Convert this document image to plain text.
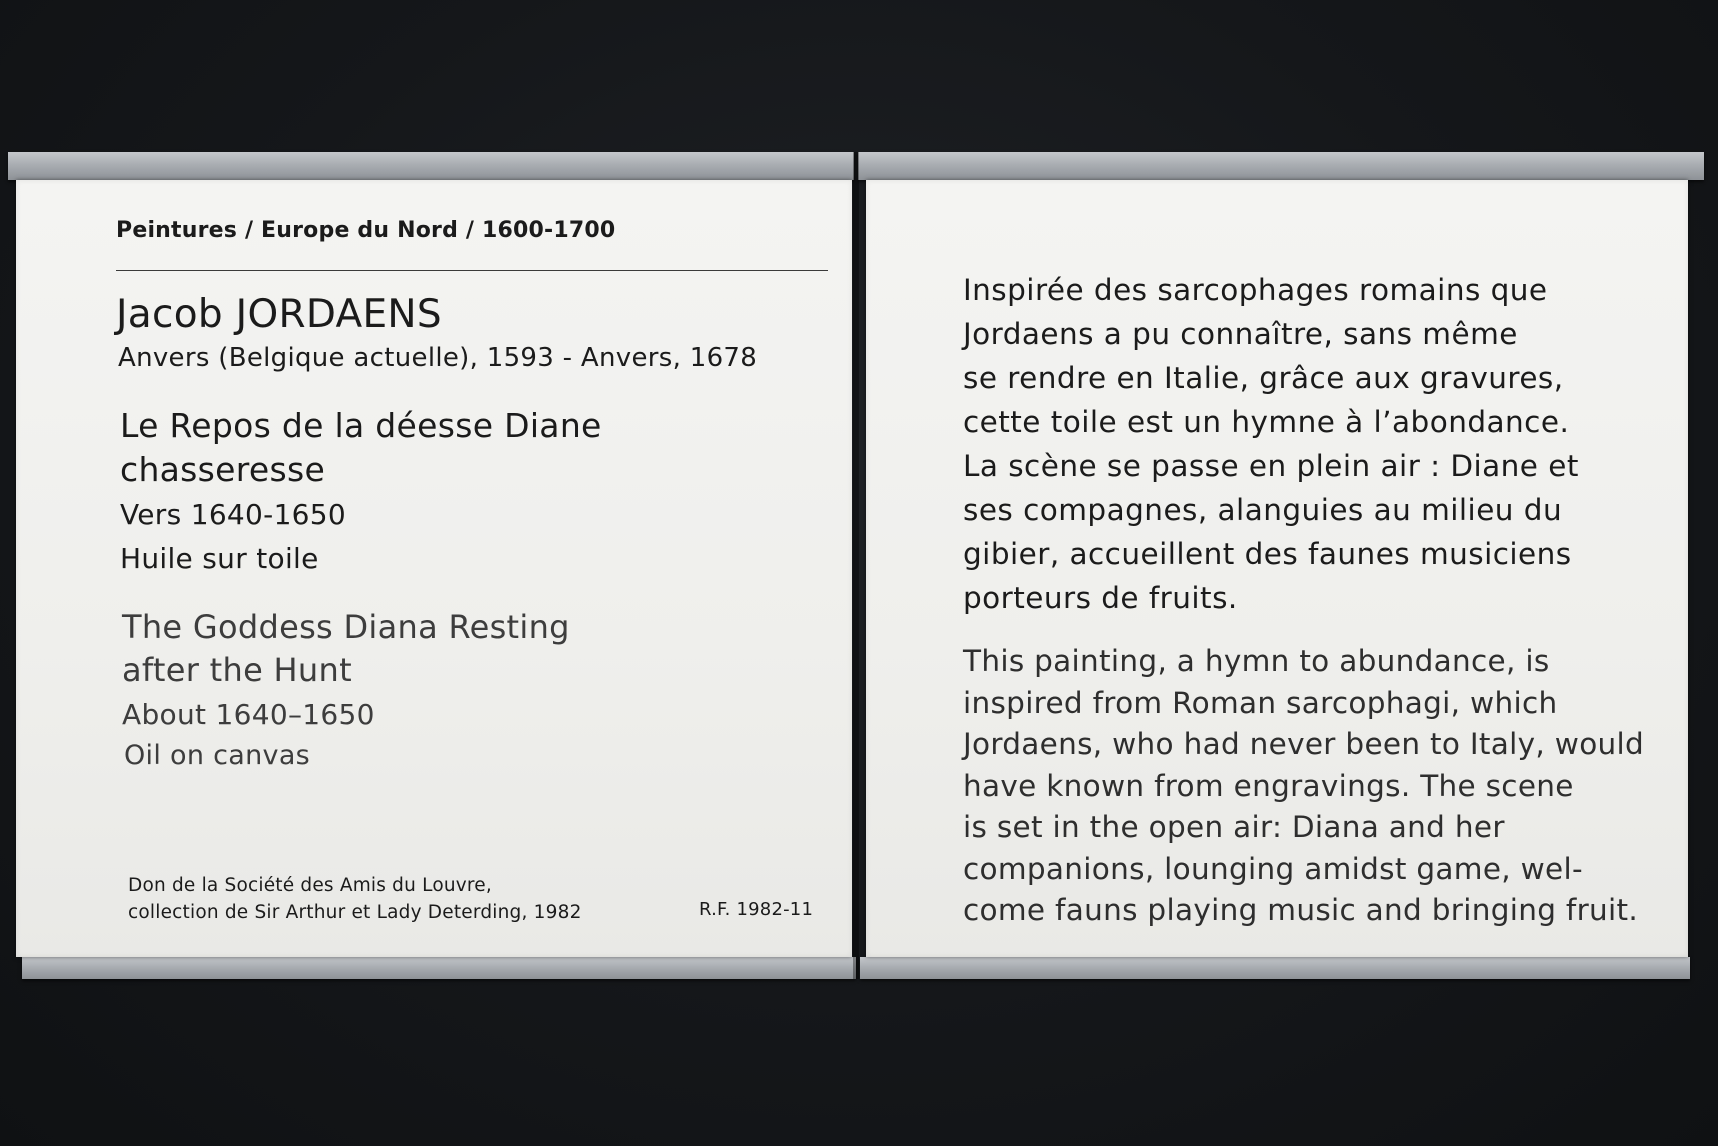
Peintures / Europe du Nord / 1600-1700
Jacob JORDAENS
Anvers (Belgique actuelle), 1593 - Anvers, 1678
Le Repos de la déesse Diane
chasseresse
Vers 1640-1650
Huile sur toile
The Goddess Diana Resting
after the Hunt
About 1640–1650
Oil on canvas
Don de la Société des Amis du Louvre,
collection de Sir Arthur et Lady Deterding, 1982	R.F. 1982-11
Inspirée des sarcophages romains que
Jordaens a pu connaître, sans même
se rendre en Italie, grâce aux gravures,
cette toile est un hymne à l’abondance.
La scène se passe en plein air : Diane et
ses compagnes, alanguies au milieu du
gibier, accueillent des faunes musiciens
porteurs de fruits.
This painting, a hymn to abundance, is
inspired from Roman sarcophagi, which
Jordaens, who had never been to Italy, would
have known from engravings. The scene
is set in the open air: Diana and her
companions, lounging amidst game, wel-
come fauns playing music and bringing fruit.
